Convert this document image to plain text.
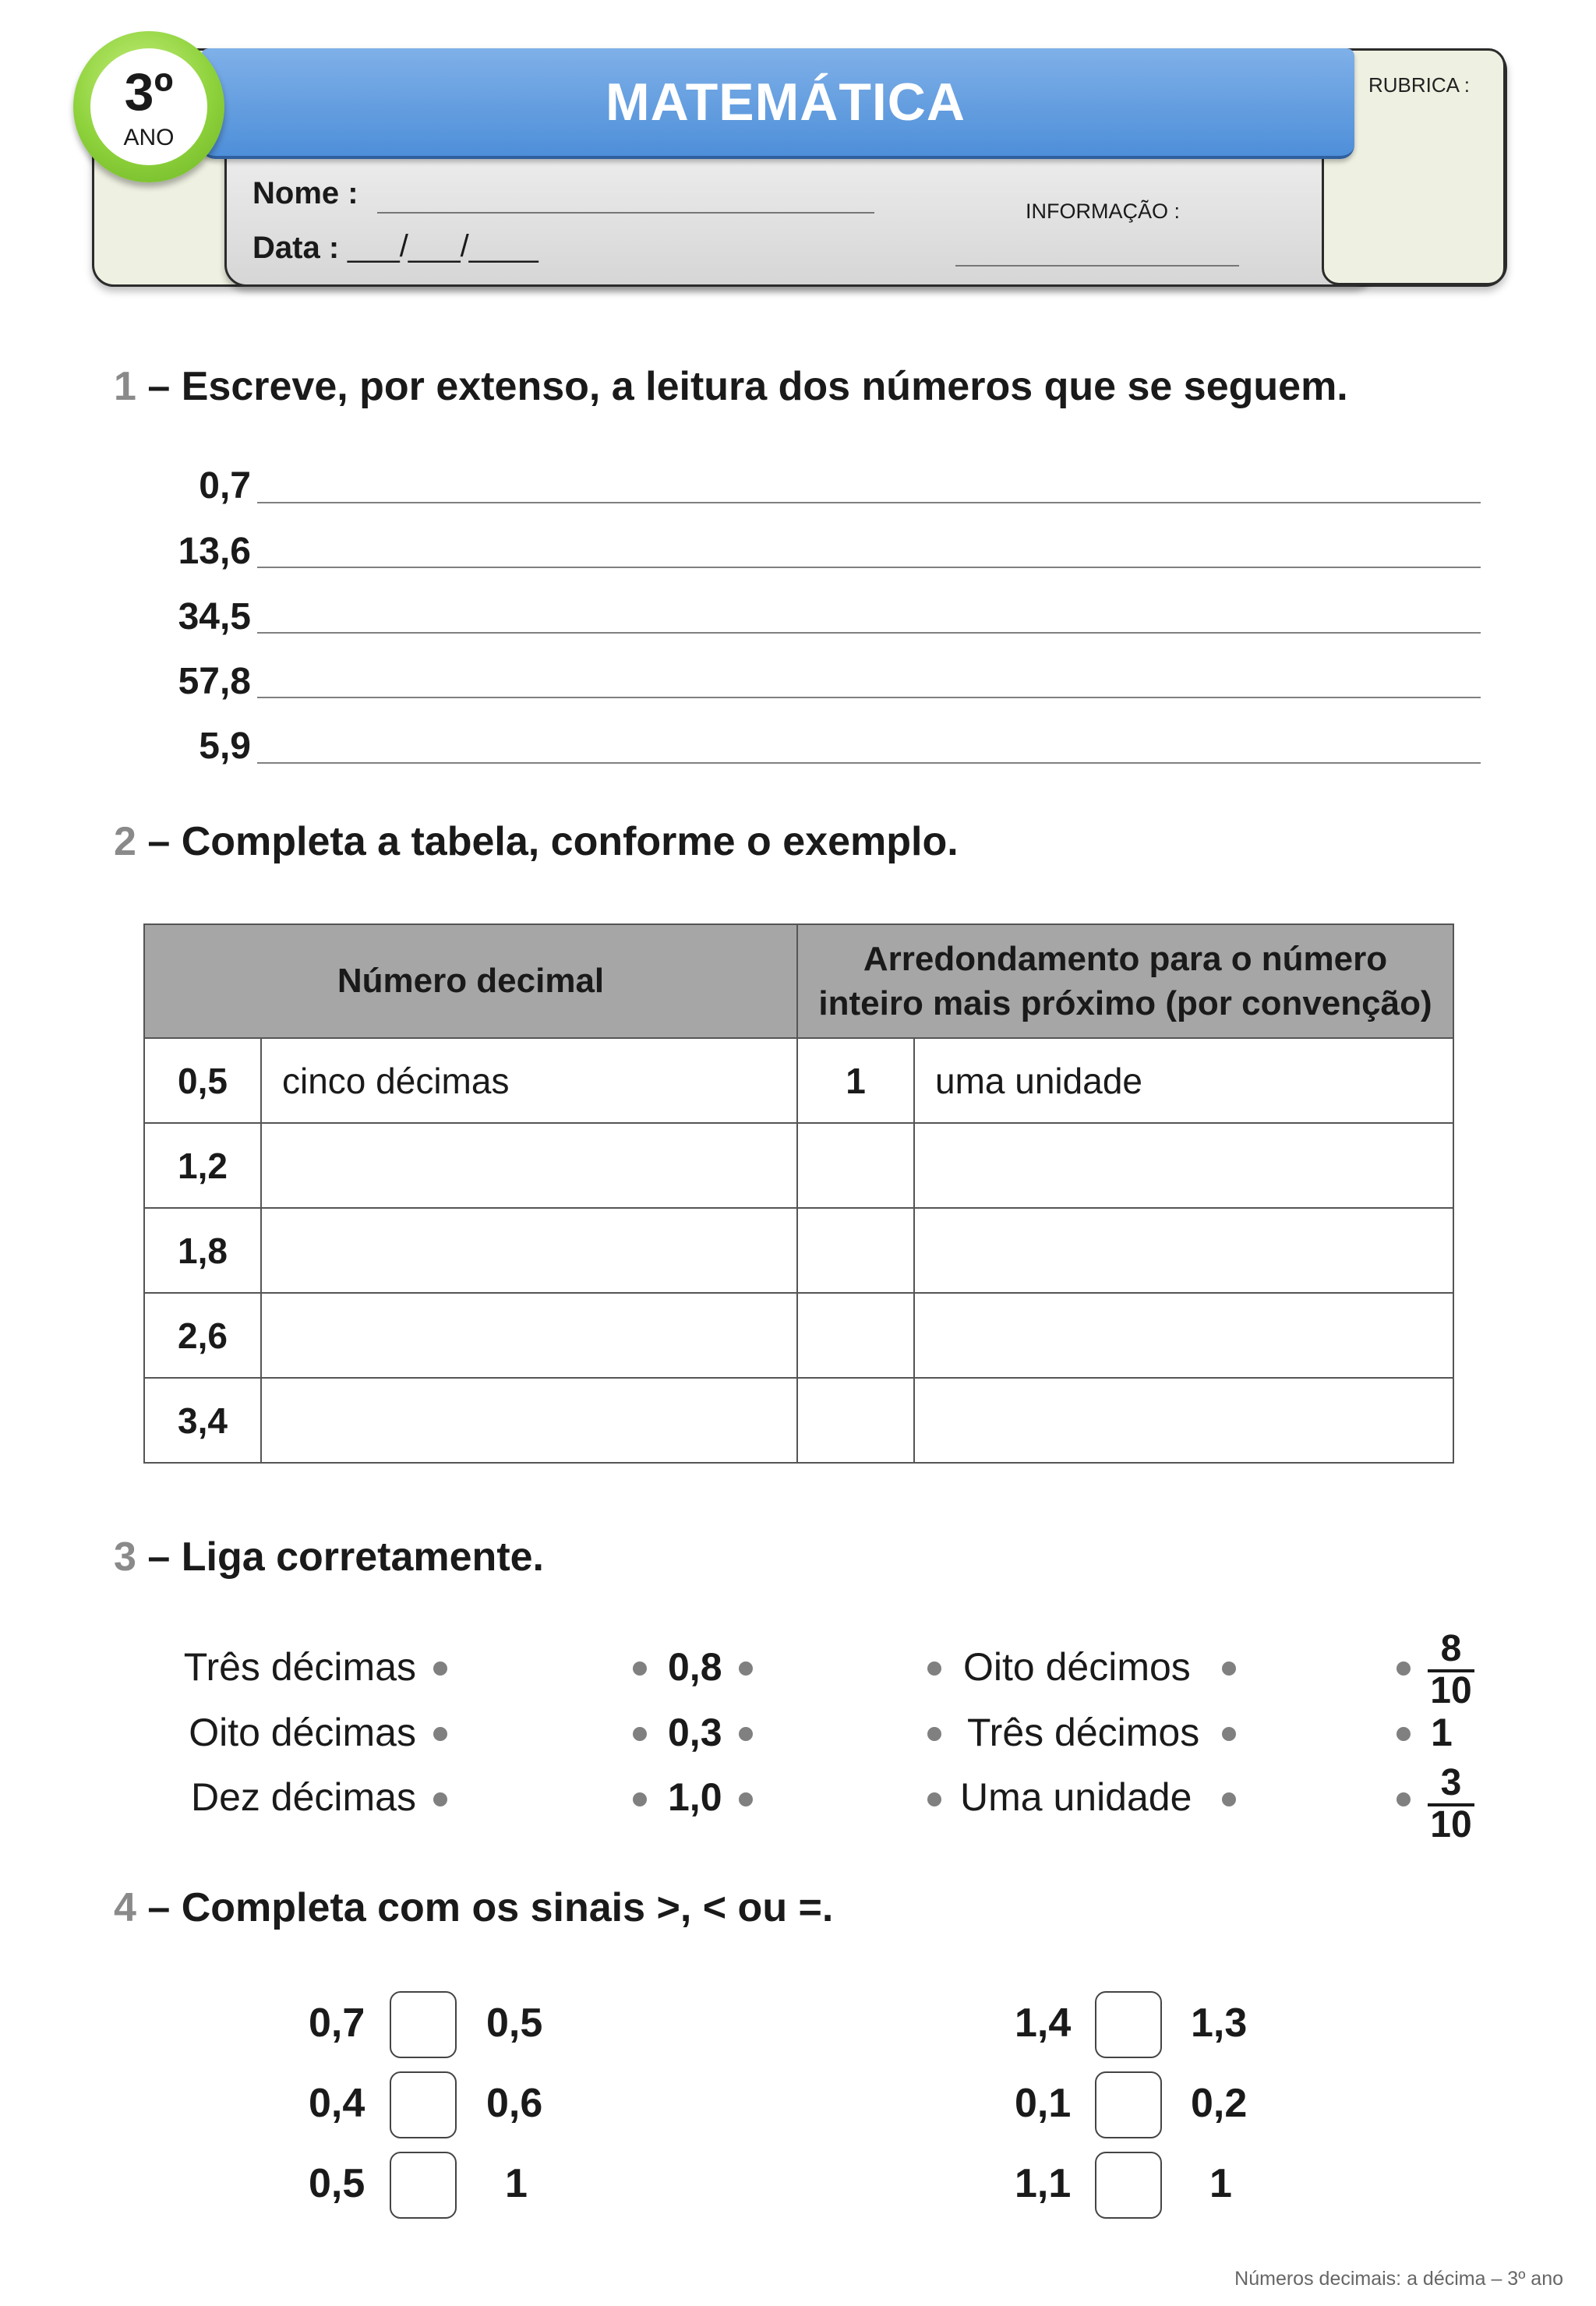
RUBRICA :
MATEMÁTICA
3º
ANO
Nome :
Data : ___/___/____
INFORMAÇÃO :
1 – Escreve, por extenso, a leitura dos números que se seguem.
0,7
13,6
34,5
57,8
5,9
2 – Completa a tabela, conforme o exemplo.
Número decimal		Arredondamento para o número
inteiro mais próximo (por convenção)	

0,5	cinco décimas	1	uma unidade
1,2			
1,8			
2,6			
3,4			
3 – Liga corretamente.
Três décimas
Oito décimas
Dez décimas
0,8
0,3
1,0
Oito décimos
Três décimos
Uma unidade
8
10
1
3
10
4 – Completa com os sinais >, < ou =.
0,7	0,5
0,4	0,6
0,5	1
1,4	1,3
0,1	0,2
1,1	1
Números decimais: a décima – 3º ano
